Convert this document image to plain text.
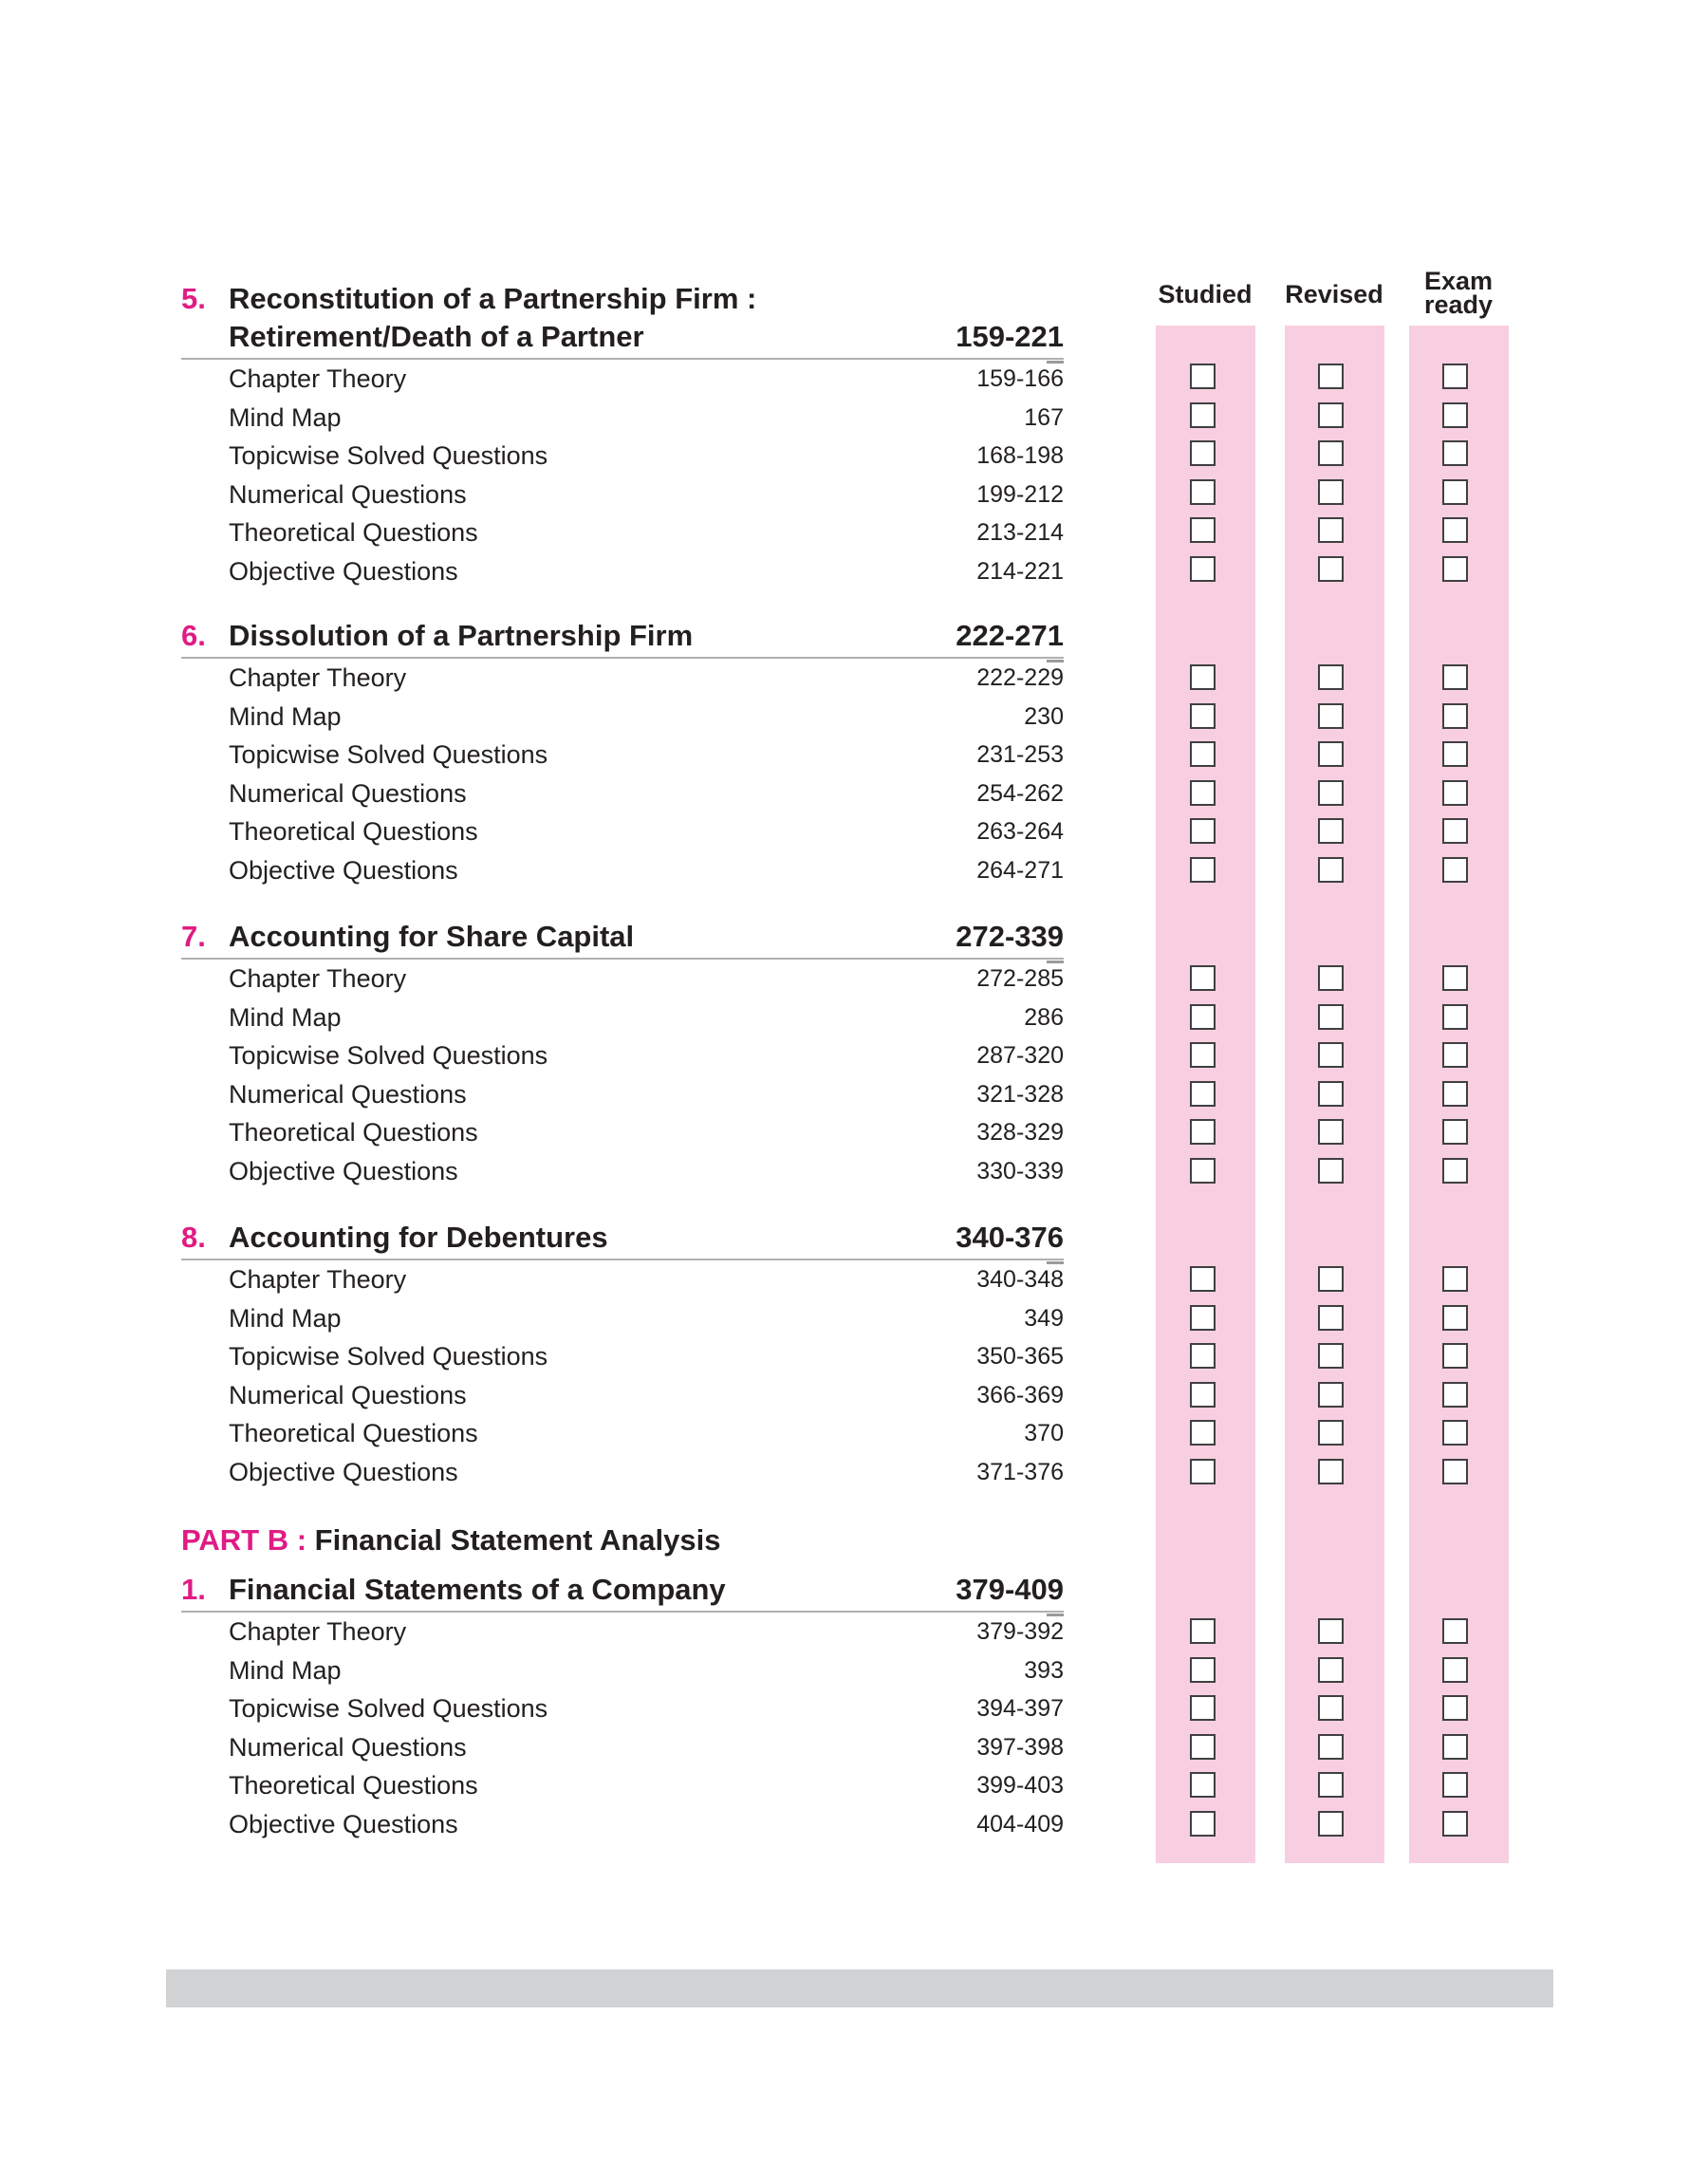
Studied	Revised	Exam
ready
5. Reconstitution of a Partnership Firm :
Retirement/Death of a Partner	159-221
Chapter Theory	159-166
Mind Map	167
Topicwise Solved Questions	168-198
Numerical Questions	199-212
Theoretical Questions	213-214
Objective Questions	214-221
6. Dissolution of a Partnership Firm	222-271
Chapter Theory	222-229
Mind Map	230
Topicwise Solved Questions	231-253
Numerical Questions	254-262
Theoretical Questions	263-264
Objective Questions	264-271
7. Accounting for Share Capital	272-339
Chapter Theory	272-285
Mind Map	286
Topicwise Solved Questions	287-320
Numerical Questions	321-328
Theoretical Questions	328-329
Objective Questions	330-339
8. Accounting for Debentures	340-376
Chapter Theory	340-348
Mind Map	349
Topicwise Solved Questions	350-365
Numerical Questions	366-369
Theoretical Questions	370
Objective Questions	371-376
1. Financial Statements of a Company	379-409
Chapter Theory	379-392
Mind Map	393
Topicwise Solved Questions	394-397
Numerical Questions	397-398
Theoretical Questions	399-403
Objective Questions	404-409
PART B : Financial Statement Analysis
